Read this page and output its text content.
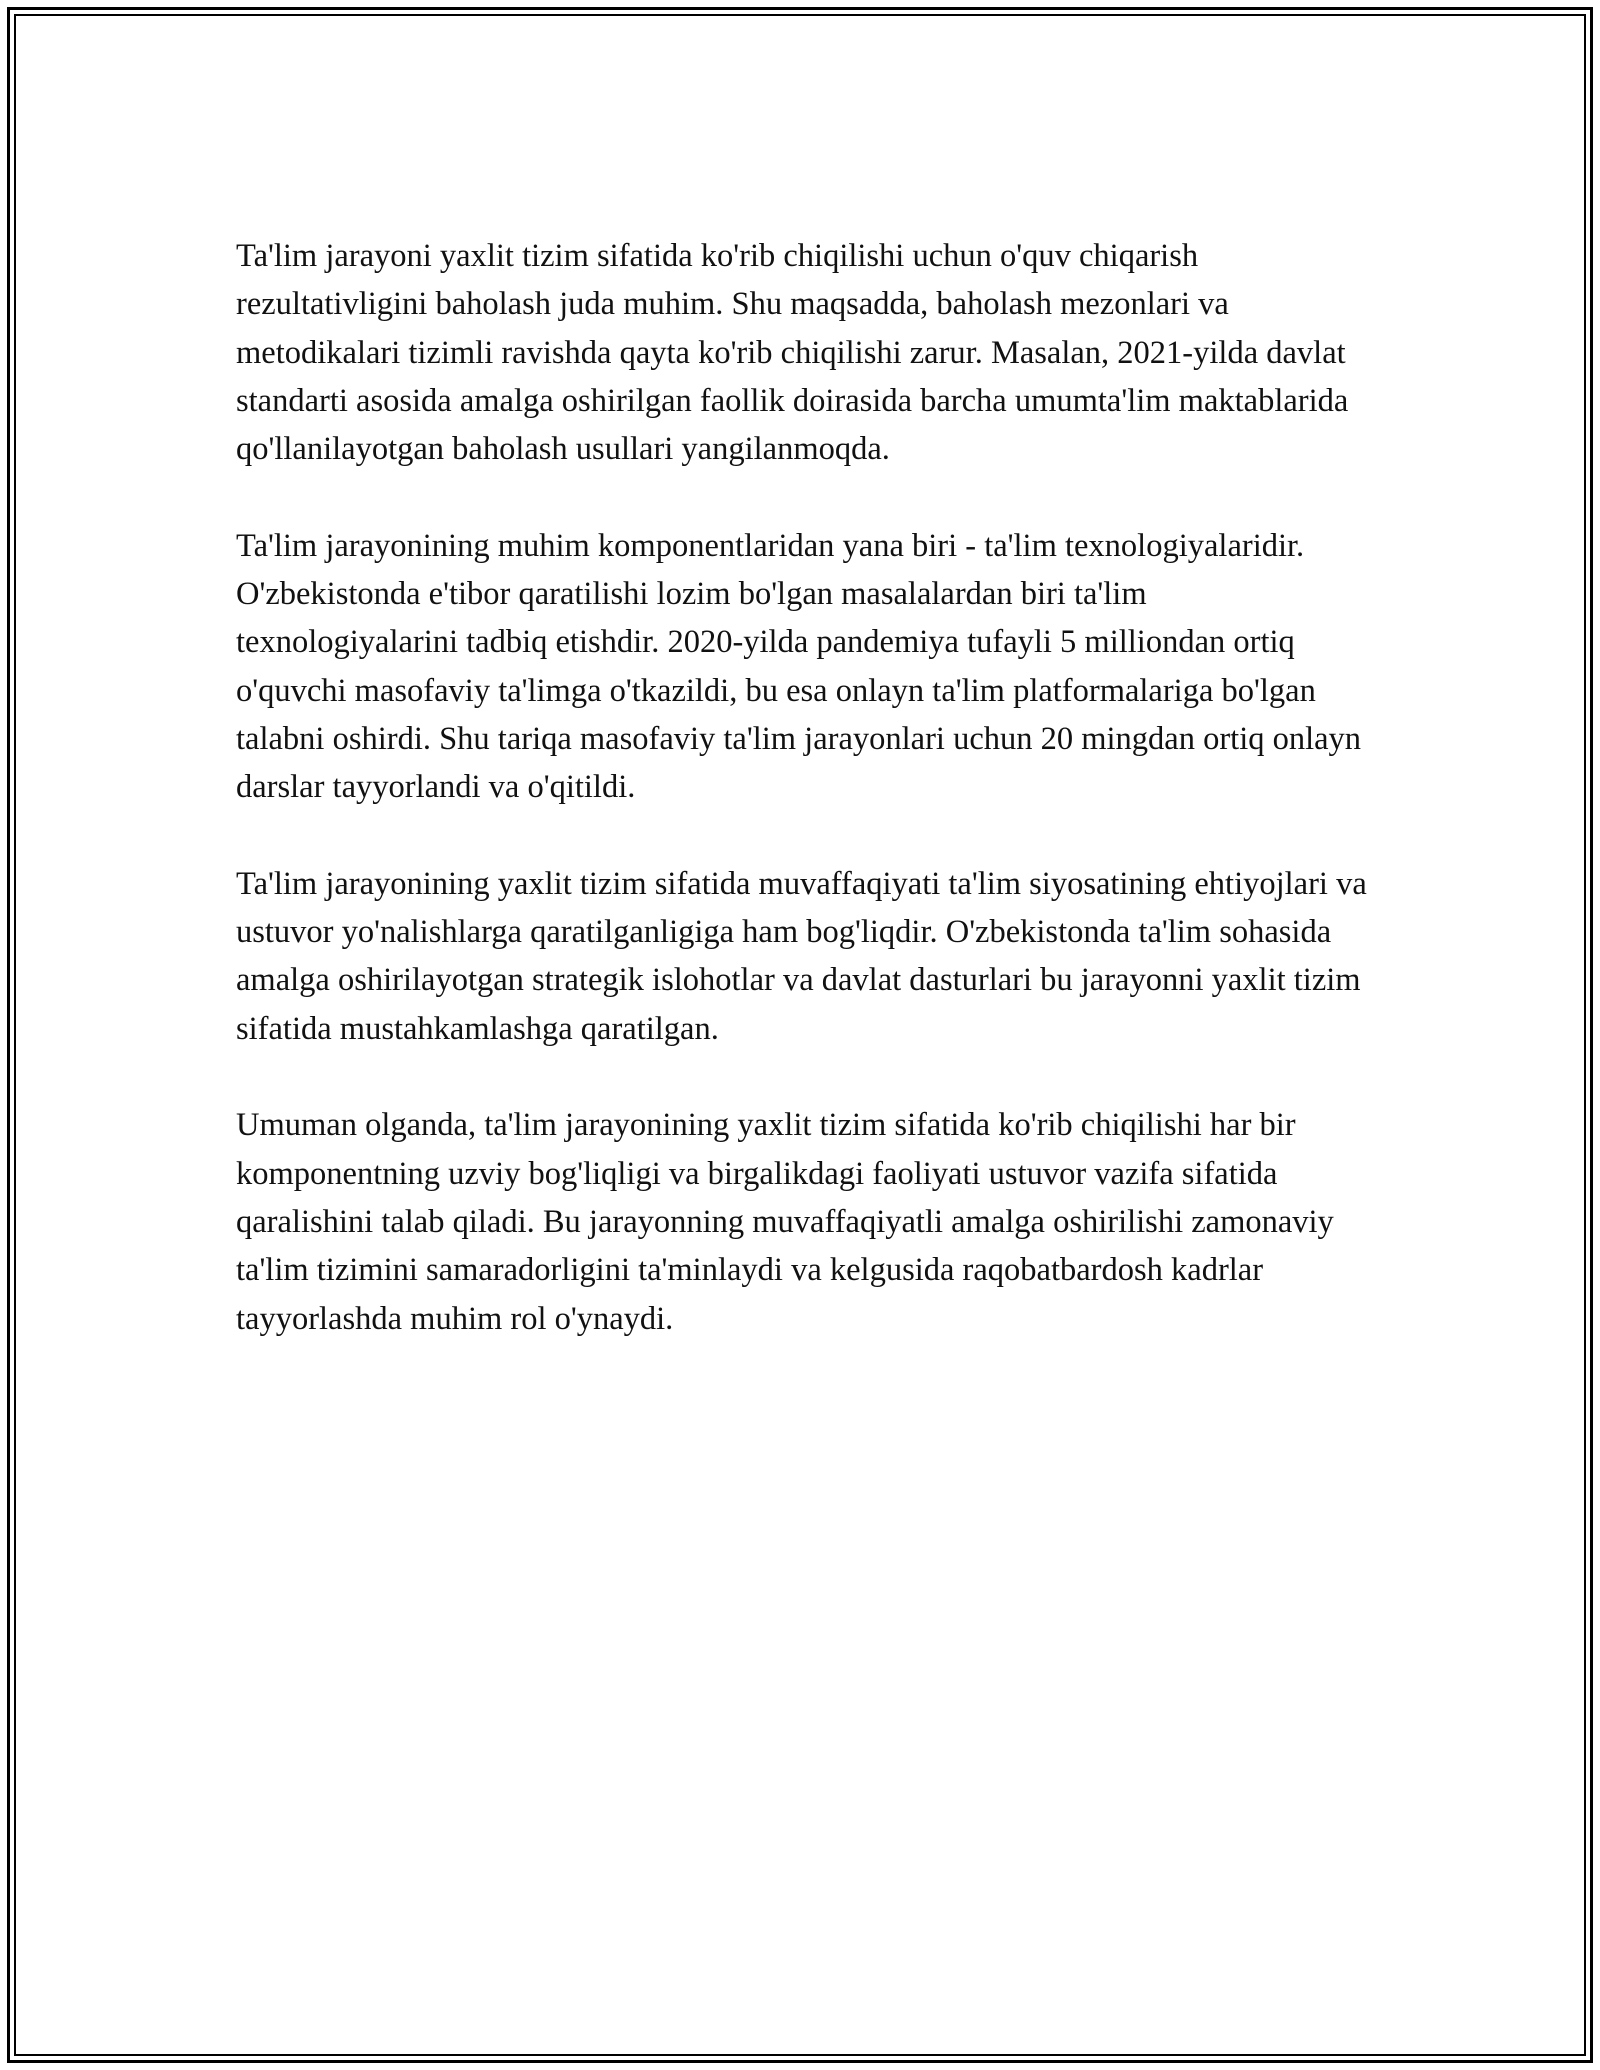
Ta'lim jarayoni yaxlit tizim sifatida ko'rib chiqilishi uchun o'quv chiqarish rezultativligini baholash juda muhim. Shu maqsadda, baholash mezonlari va metodikalari tizimli ravishda qayta ko'rib chiqilishi zarur. Masalan, 2021-yilda davlat standarti asosida amalga oshirilgan faollik doirasida barcha umumta'lim maktablarida qo'llanilayotgan baholash usullari yangilanmoqda.

Ta'lim jarayonining muhim komponentlaridan yana biri - ta'lim texnologiyalaridir. O'zbekistonda e'tibor qaratilishi lozim bo'lgan masalalardan biri ta'lim texnologiyalarini tadbiq etishdir. 2020-yilda pandemiya tufayli 5 milliondan ortiq o'quvchi masofaviy ta'limga o'tkazildi, bu esa onlayn ta'lim platformalariga bo'lgan talabni oshirdi. Shu tariqa masofaviy ta'lim jarayonlari uchun 20 mingdan ortiq onlayn darslar tayyorlandi va o'qitildi.

Ta'lim jarayonining yaxlit tizim sifatida muvaffaqiyati ta'lim siyosatining ehtiyojlari va ustuvor yo'nalishlarga qaratilganligiga ham bog'liqdir. O'zbekistonda ta'lim sohasida amalga oshirilayotgan strategik islohotlar va davlat dasturlari bu jarayonni yaxlit tizim sifatida mustahkamlashga qaratilgan.

Umuman olganda, ta'lim jarayonining yaxlit tizim sifatida ko'rib chiqilishi har bir komponentning uzviy bog'liqligi va birgalikdagi faoliyati ustuvor vazifa sifatida qaralishini talab qiladi. Bu jarayonning muvaffaqiyatli amalga oshirilishi zamonaviy ta'lim tizimini samaradorligini ta'minlaydi va kelgusida raqobatbardosh kadrlar tayyorlashda muhim rol o'ynaydi.
